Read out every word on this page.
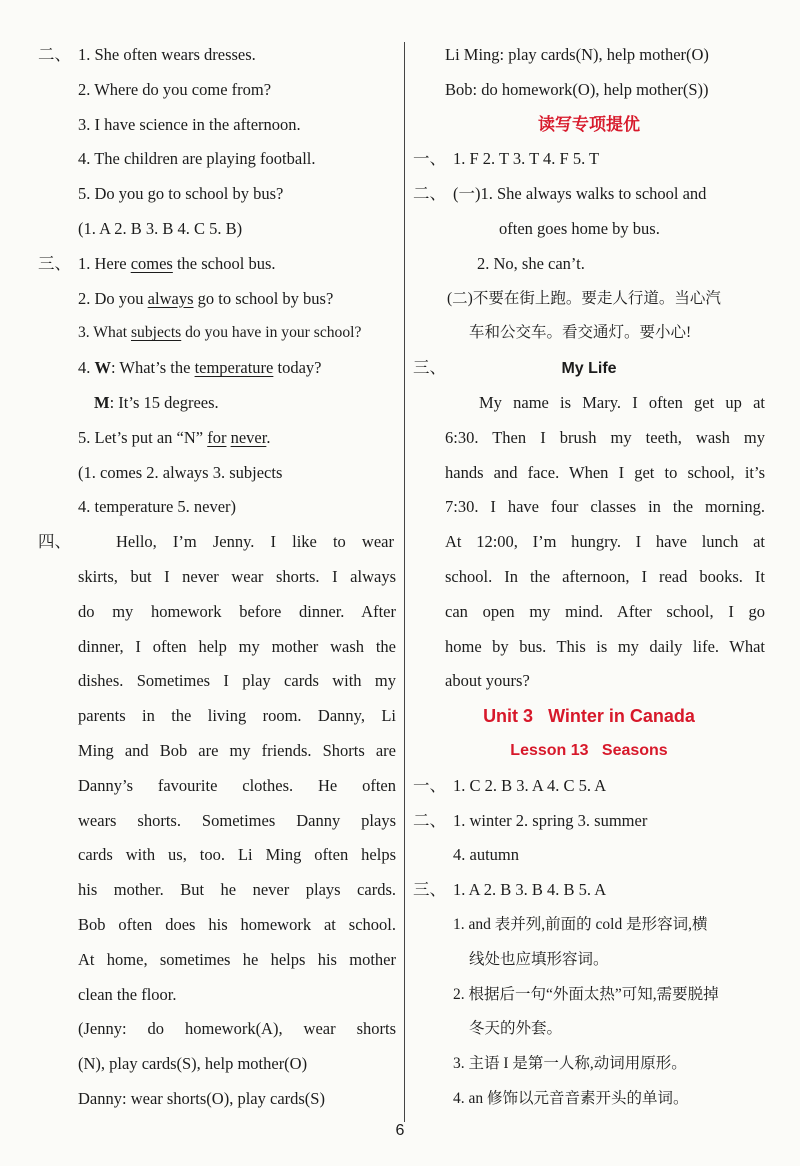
二、 1. She often wears dresses.
2. Where do you come from?
3. I have science in the afternoon.
4. The children are playing football.
5. Do you go to school by bus?
(1. A 2. B 3. B 4. C 5. B)
三、 1. Here comes the school bus.
2. Do you always go to school by bus?
3. What subjects do you have in your school?
4. W: What’s the temperature today?
M: It’s 15 degrees.
5. Let’s put an “N” for never.
(1. comes 2. always 3. subjects
4. temperature 5. never)
四、	Hello, I’m Jenny. I like to wear
skirts, but I never wear shorts. I always
do my homework before dinner. After
dinner, I often help my mother wash the
dishes. Sometimes I play cards with my
parents in the living room. Danny, Li
Ming and Bob are my friends. Shorts are
Danny’s favourite clothes. He often
wears shorts. Sometimes Danny plays
cards with us, too. Li Ming often helps
his mother. But he never plays cards.
Bob often does his homework at school.
At home, sometimes he helps his mother
clean the floor.
(Jenny: do homework(A), wear shorts
(N), play cards(S), help mother(O)
Danny: wear shorts(O), play cards(S)
Li Ming: play cards(N), help mother(O)
Bob: do homework(O), help mother(S))
读写专项提优
一、 1. F 2. T 3. T 4. F 5. T
二、 (一)1. She always walks to school and
often goes home by bus.
2. No, she can’t.
(二)不要在街上跑。要走人行道。当心汽
车和公交车。看交通灯。要小心!
三、	My Life
My name is Mary. I often get up at
6:30. Then I brush my teeth, wash my
hands and face. When I get to school, it’s
7:30. I have four classes in the morning.
At 12:00, I’m hungry. I have lunch at
school. In the afternoon, I read books. It
can open my mind. After school, I go
home by bus. This is my daily life. What
about yours?
Unit 3   Winter in Canada
Lesson 13   Seasons
一、 1. C 2. B 3. A 4. C 5. A
二、 1. winter 2. spring 3. summer
4. autumn
三、 1. A 2. B 3. B 4. B 5. A
1. and 表并列,前面的 cold 是形容词,横
线处也应填形容词。
2. 根据后一句“外面太热”可知,需要脱掉
冬天的外套。
3. 主语 I 是第一人称,动词用原形。
4. an 修饰以元音音素开头的单词。
6
